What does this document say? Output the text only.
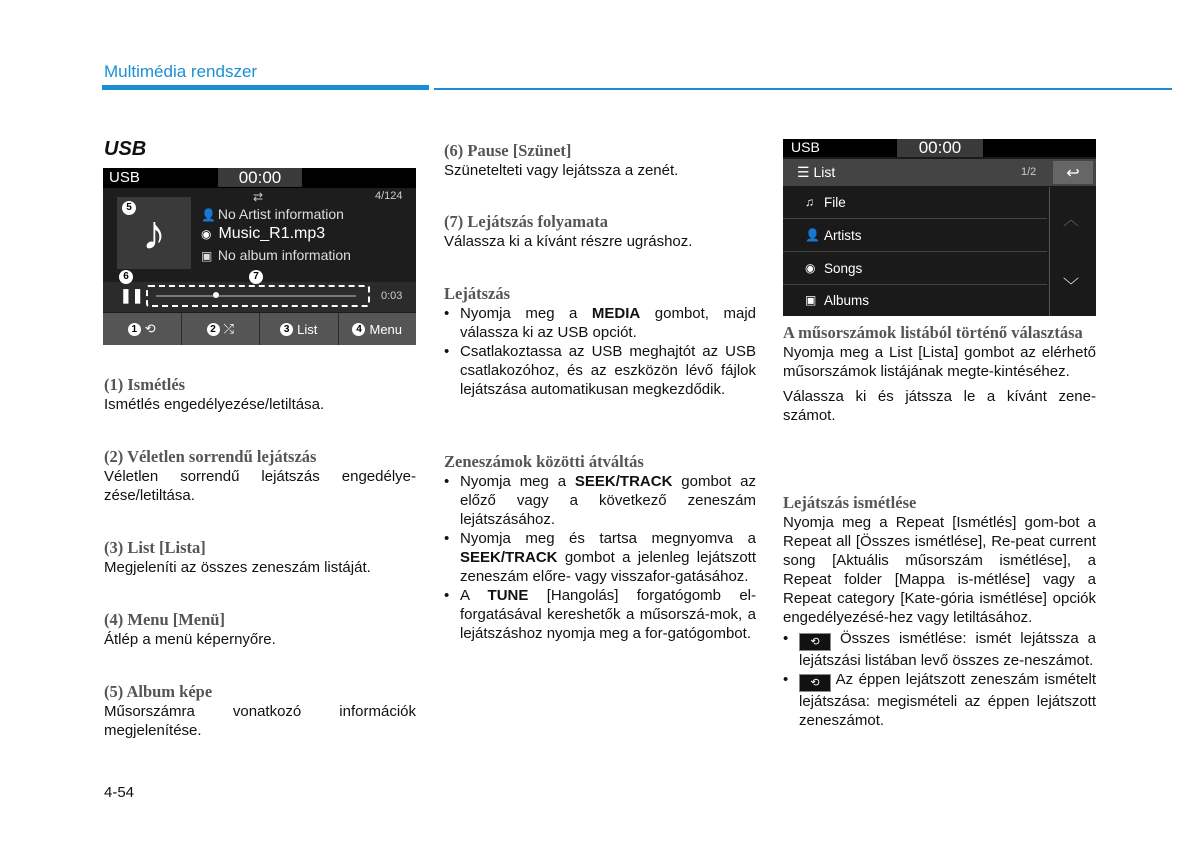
Multimédia rendszer
USB
USB	00:00
⇄	4/124
♪
5
👤 No Artist information
◉ Music_R1.mp3
▣ No album information
6	7
❚❚	0:03
1 ⟲	2 ⤮	3 List	4 Menu
(1) Ismétlés
Ismétlés engedélyezése/letiltása.
(2) Véletlen sorrendű lejátszás
Véletlen sorrendű lejátszás engedélye-zése/letiltása.
(3) List [Lista]
Megjeleníti az összes zeneszám listáját.
(4) Menu [Menü]
Átlép a menü képernyőre.
(5) Album képe
Műsorszámra vonatkozó információk megjelenítése.
(6) Pause [Szünet]
Szünetelteti vagy lejátssza a zenét.
(7) Lejátszás folyamata
Válassza ki a kívánt részre ugráshoz.
Lejátszás
• Nyomja meg a MEDIA gombot, majd válassza ki az USB opciót.
• Csatlakoztassa az USB meghajtót az USB csatlakozóhoz, és az eszközön lévő fájlok lejátszása automatikusan megkezdődik.
Zeneszámok közötti átváltás
• Nyomja meg a SEEK/TRACK gombot az előző vagy a következő zeneszám lejátszásához.
• Nyomja meg és tartsa megnyomva a SEEK/TRACK gombot a jelenleg lejátszott zeneszám előre- vagy visszafor-gatásához.
• A TUNE [Hangolás] forgatógomb el-forgatásával kereshetők a műsorszá-mok, a lejátszáshoz nyomja meg a for-gatógombot.
USB	00:00
☰ List	1/2 ↩
♫ File
👤 Artists
◉ Songs
▣ Albums
︿
﹀
A műsorszámok listából történő választása
Nyomja meg a List [Lista] gombot az elérhető műsorszámok listájának megte-kintéséhez.
Válassza ki és játssza le a kívánt zene-számot.
Lejátszás ismétlése
Nyomja meg a Repeat [Ismétlés] gom-bot a Repeat all [Összes ismétlése], Re-peat current song [Aktuális műsorszám ismétlése], a Repeat folder [Mappa is-métlése] vagy a Repeat category [Kate-gória ismétlése] opciók engedélyezésé-hez vagy letiltásához.
• ⟲ Összes ismétlése: ismét lejátssza a lejátszási listában levő összes ze-neszámot.
• ⟲ Az éppen lejátszott zeneszám ismételt lejátszása: megismételi az éppen lejátszott zeneszámot.
4-54
